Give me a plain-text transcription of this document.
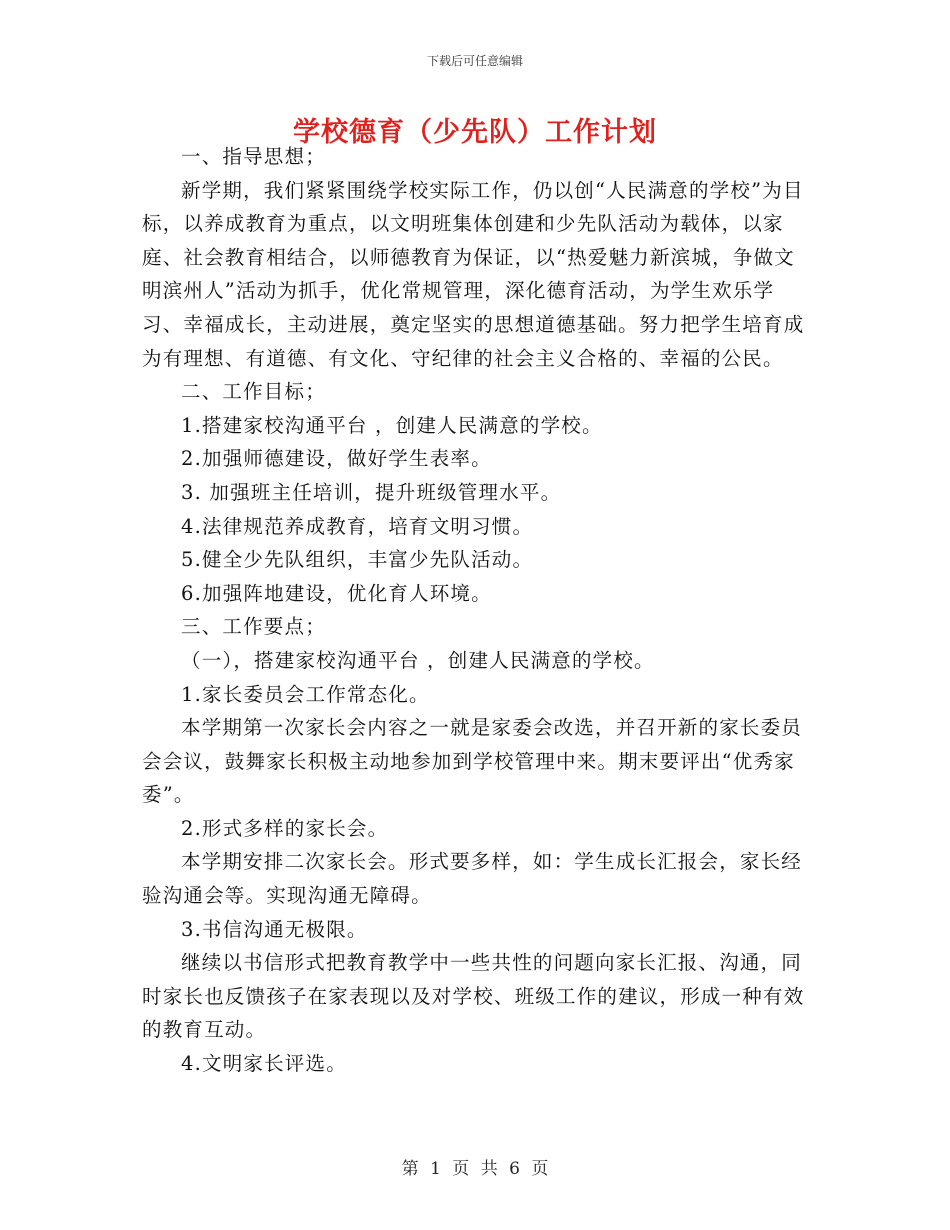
下载后可任意编辑
学校德育（少先队）工作计划

一、指导思想；

新学期，我们紧紧围绕学校实际工作，仍以创“人民满意的学校”为目标，以养成教育为重点，以文明班集体创建和少先队活动为载体，以家庭、社会教育相结合，以师德教育为保证，以“热爱魅力新滨城，争做文明滨州人”活动为抓手，优化常规管理，深化德育活动，为学生欢乐学习、幸福成长，主动进展，奠定坚实的思想道德基础。努力把学生培育成为有理想、有道德、有文化、守纪律的社会主义合格的、幸福的公民。

二、工作目标；

1.搭建家校沟通平台 ，创建人民满意的学校。

2.加强师德建设，做好学生表率。

3. 加强班主任培训，提升班级管理水平。

4.法律规范养成教育，培育文明习惯。

5.健全少先队组织，丰富少先队活动。

6.加强阵地建设，优化育人环境。

三、工作要点；

（一），搭建家校沟通平台 ，创建人民满意的学校。

1.家长委员会工作常态化。

本学期第一次家长会内容之一就是家委会改选，并召开新的家长委员会会议，鼓舞家长积极主动地参加到学校管理中来。期末要评出“优秀家委”。

2.形式多样的家长会。

本学期安排二次家长会。形式要多样，如：学生成长汇报会，家长经验沟通会等。实现沟通无障碍。

3.书信沟通无极限。

继续以书信形式把教育教学中一些共性的问题向家长汇报、沟通，同时家长也反馈孩子在家表现以及对学校、班级工作的建议，形成一种有效的教育互动。

4.文明家长评选。

第 1 页 共 6 页
